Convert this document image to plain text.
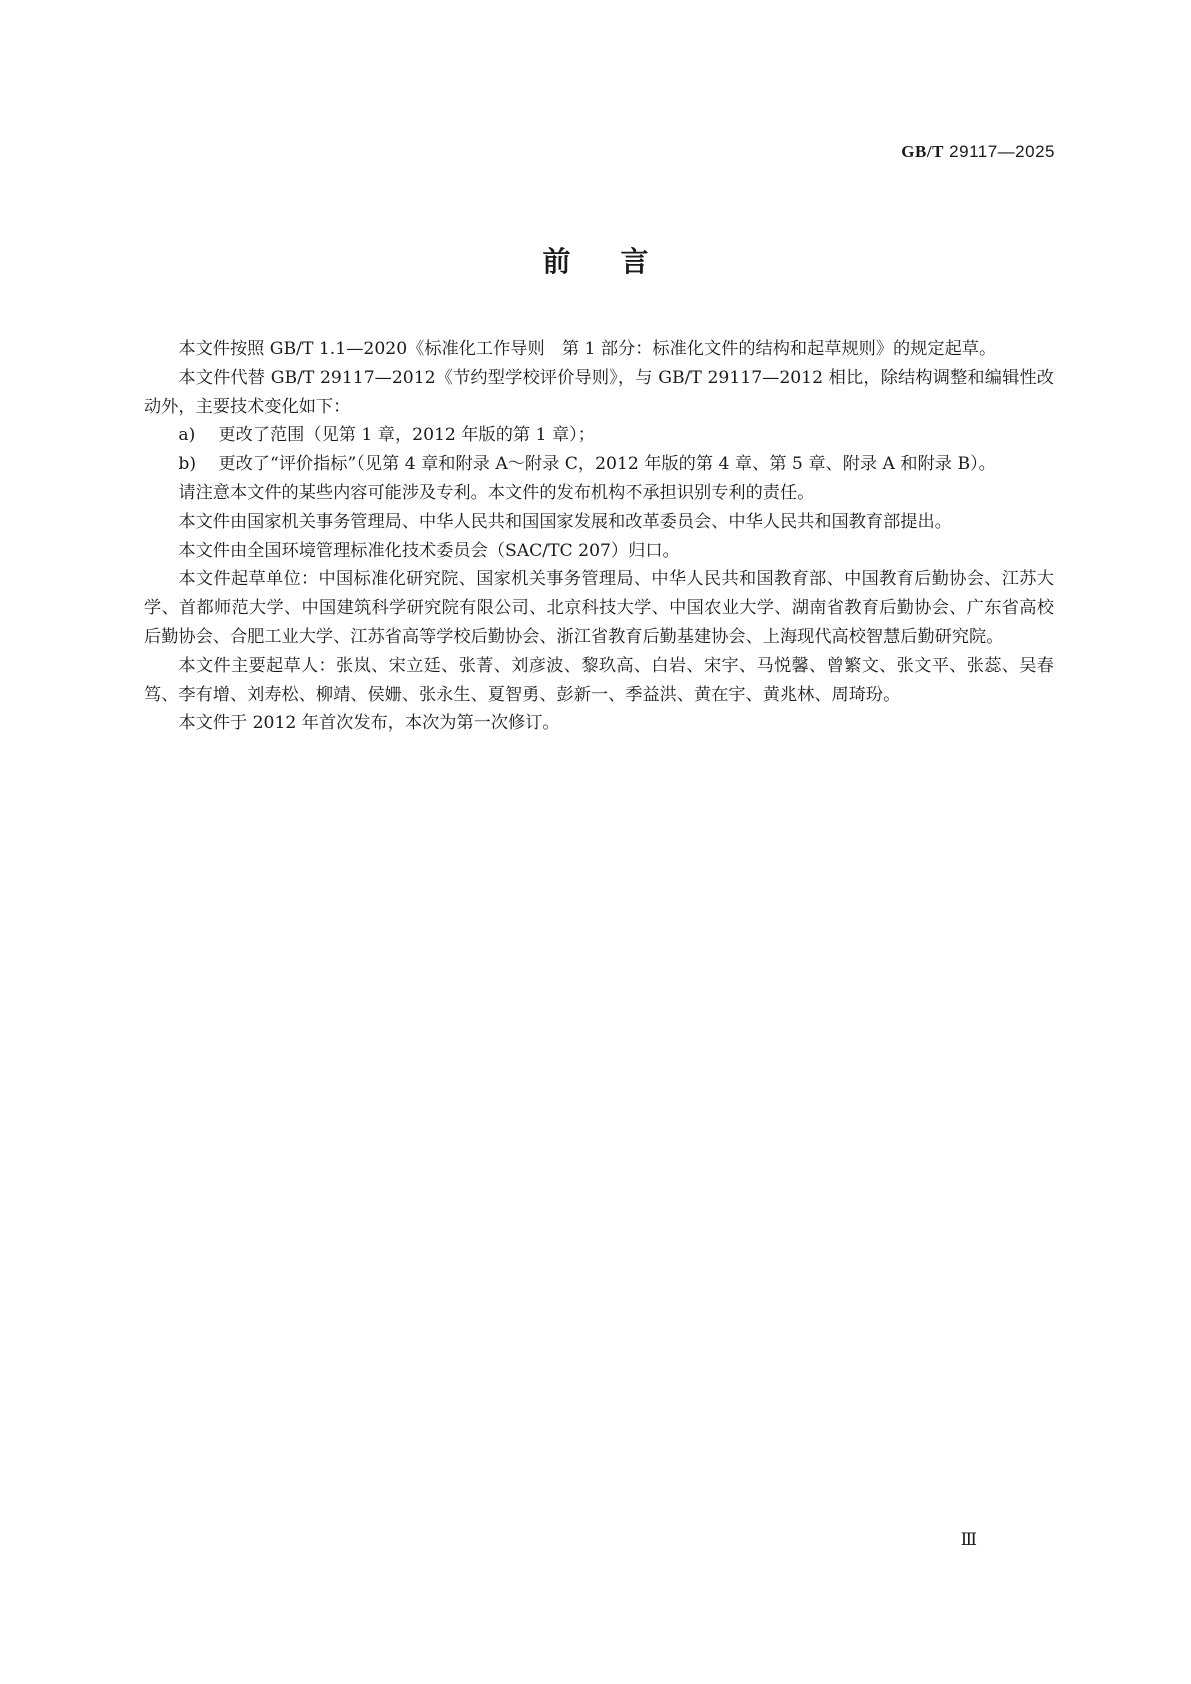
GB/T 29117—2025
前言

本文件按照 GB/T 1.1—2020《标准化工作导则　第 1 部分：标准化文件的结构和起草规则》的规定起草。

本文件代替 GB/T 29117—2012《节约型学校评价导则》，与 GB/T 29117—2012 相比，除结构调整和编辑性改动外，主要技术变化如下：

a) 更改了范围（见第 1 章，2012 年版的第 1 章）；

b) 更改了“评价指标”（见第 4 章和附录 A～附录 C，2012 年版的第 4 章、第 5 章、附录 A 和附录 B）。

请注意本文件的某些内容可能涉及专利。本文件的发布机构不承担识别专利的责任。

本文件由国家机关事务管理局、中华人民共和国国家发展和改革委员会、中华人民共和国教育部提出。

本文件由全国环境管理标准化技术委员会（SAC/TC 207）归口。

本文件起草单位：中国标准化研究院、国家机关事务管理局、中华人民共和国教育部、中国教育后勤协会、江苏大学、首都师范大学、中国建筑科学研究院有限公司、北京科技大学、中国农业大学、湖南省教育后勤协会、广东省高校后勤协会、合肥工业大学、江苏省高等学校后勤协会、浙江省教育后勤基建协会、上海现代高校智慧后勤研究院。

本文件主要起草人：张岚、宋立廷、张菁、刘彦波、黎玖高、白岩、宋宇、马悦馨、曾繁文、张文平、张蕊、吴春笃、李有增、刘寿松、柳靖、侯姗、张永生、夏智勇、彭新一、季益洪、黄在宇、黄兆林、周琦玢。

本文件于 2012 年首次发布，本次为第一次修订。

Ⅲ
